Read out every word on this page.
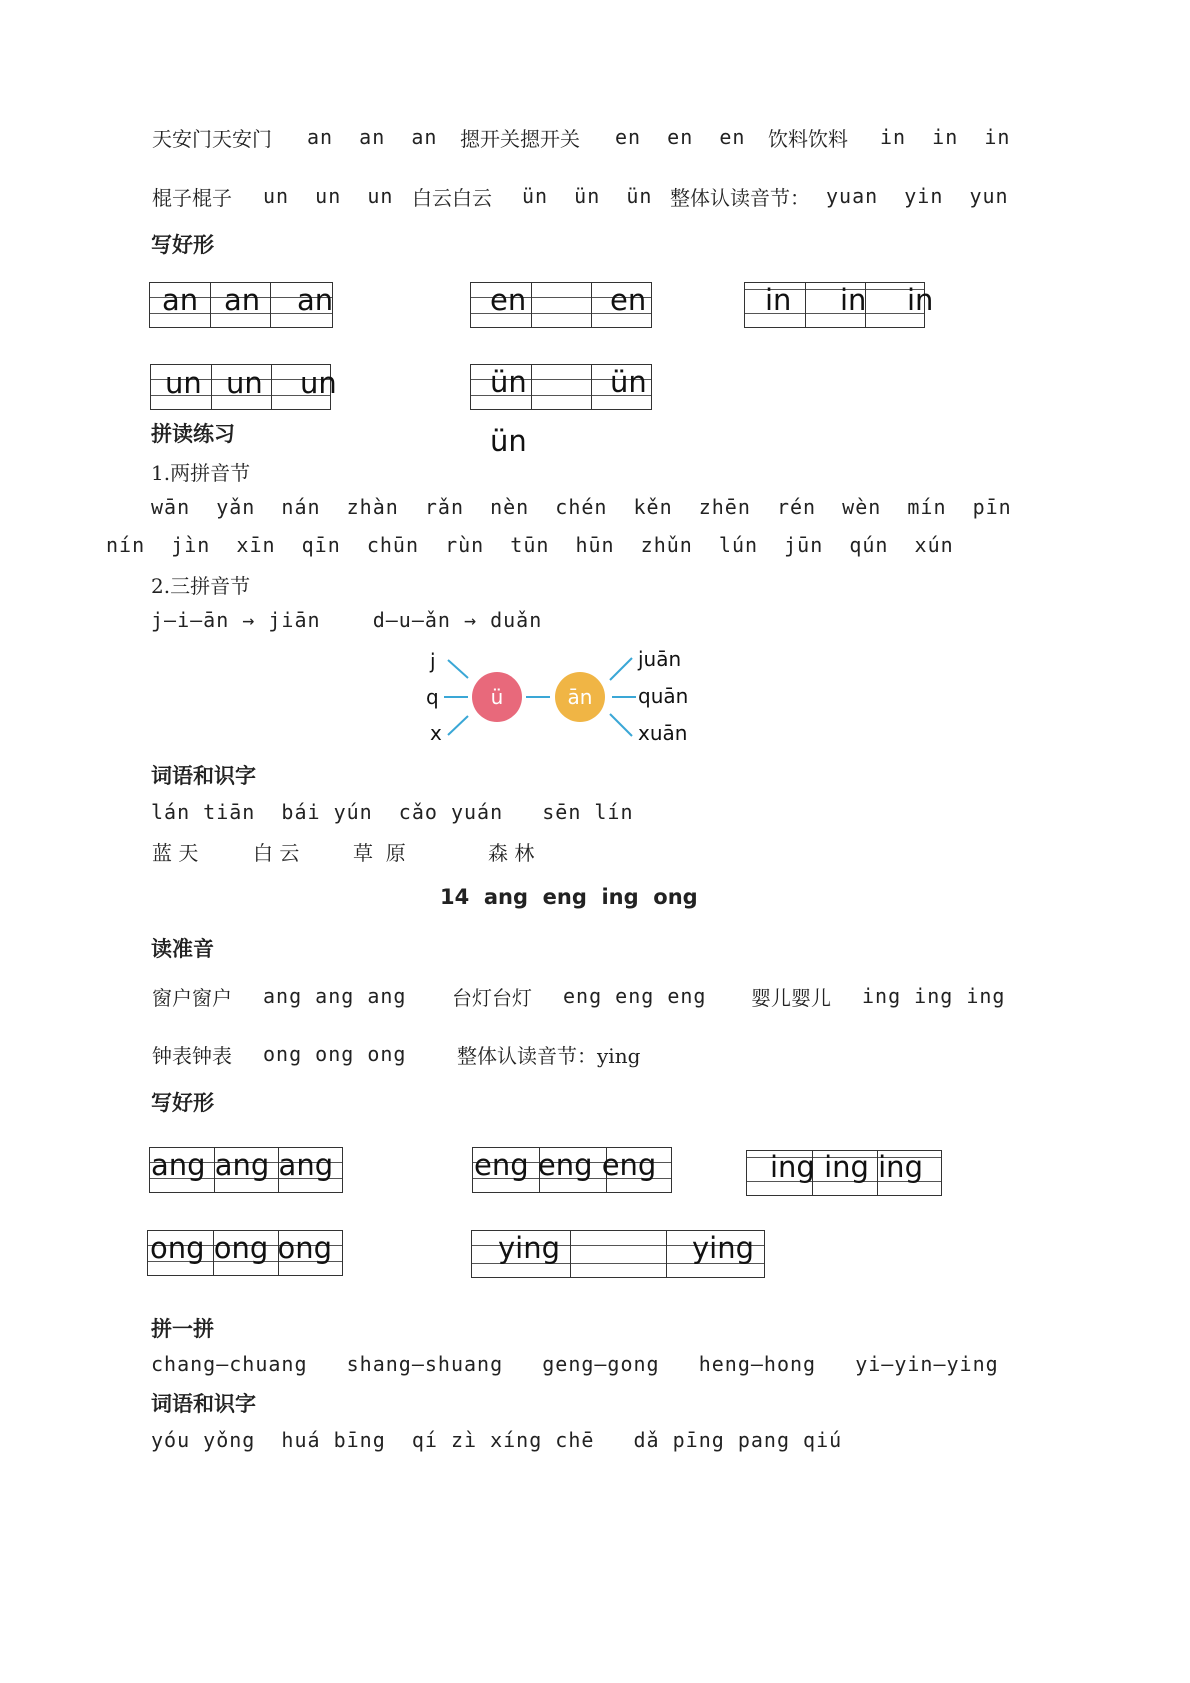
天安门天安门 an  an  an 摁开关摁开关 en  en  en 饮料饮料 in  in  in
棍子棍子 un  un  un 白云白云 ün  ün  ün 整体认读音节： yuan  yin  yun
写好形
an an an	en	en	in in in
un un un	ün	ün
ün
拼读练习
1.两拼音节
wān  yǎn  nán  zhàn  rǎn  nèn  chén  kěn  zhēn  rén  wèn  mín  pīn
nín  jìn  xīn  qīn  chūn  rùn  tūn  hūn  zhǔn  lún  jūn  qún  xún
2.三拼音节
j—i—ān → jiān    d—u—ǎn → duǎn
j
q
x
ü	ān
juān
quān
xuān
词语和识字
lán tiān  bái yún  cǎo yuán   sēn lín
蓝 天	白 云	草  原	森 林
14  ang  eng  ing  ong
读准音
窗户窗户 ang ang ang 台灯台灯 eng eng eng 婴儿婴儿 ing ing ing
钟表钟表 ong ong ong	整体认读音节：ying
写好形
ang ang ang	eng eng eng	ing ing ing
ong ong ong	ying	ying
拼一拼
chang—chuang   shang—shuang   geng—gong   heng—hong   yi—yin—ying
词语和识字
yóu yǒng  huá bīng  qí zì xíng chē   dǎ pīng pang qiú
